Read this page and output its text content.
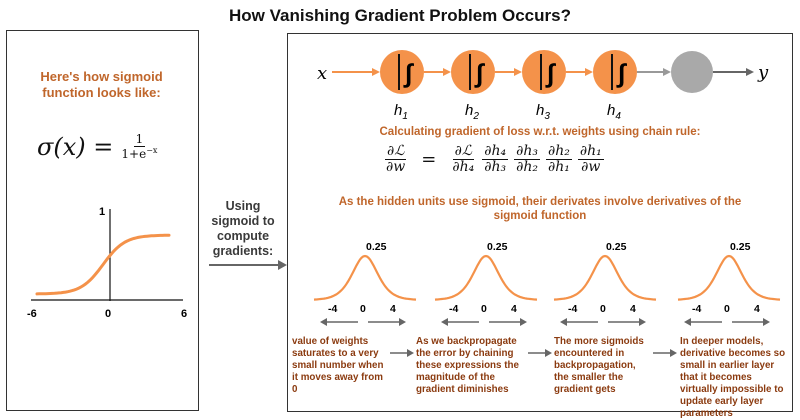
How Vanishing Gradient Problem Occurs?
Here's how sigmoid function looks like:
$\sigma(x) = \frac{1}{1+e^{-x}}$
1
-6	0	6
Using sigmoid to compute gradients:
x	∫ ∫ ∫ ∫	y
$h_1$	$h_2$	$h_3$	$h_4$
Calculating gradient of loss w.r.t. weights using chain rule:
$\frac{\text{∂ℒ}}{\partial w} = \frac{\text{∂ℒ}}{\text{∂h₄}} \frac{\text{∂h₄}}{\text{∂h₃}} \frac{\text{∂h₃}}{\text{∂h₂}} \frac{\text{∂h₂}}{\text{∂h₁}} \frac{\text{∂h₁}}{\partial w}$
As the hidden units use sigmoid, their derivates involve derivatives of the sigmoid function
0.25
-4 0 4
0.25
-4 0 4
0.25
-4 0 4
0.25
-4 0 4
value of weights saturates to a very small number when it moves away from 0
As we backpropagate the error by chaining these expressions the magnitude of the gradient diminishes
The more sigmoids encountered in backpropagation, the smaller the gradient gets
In deeper models, derivative becomes so small in earlier layer that it becomes virtually impossible to update early layer parameters
